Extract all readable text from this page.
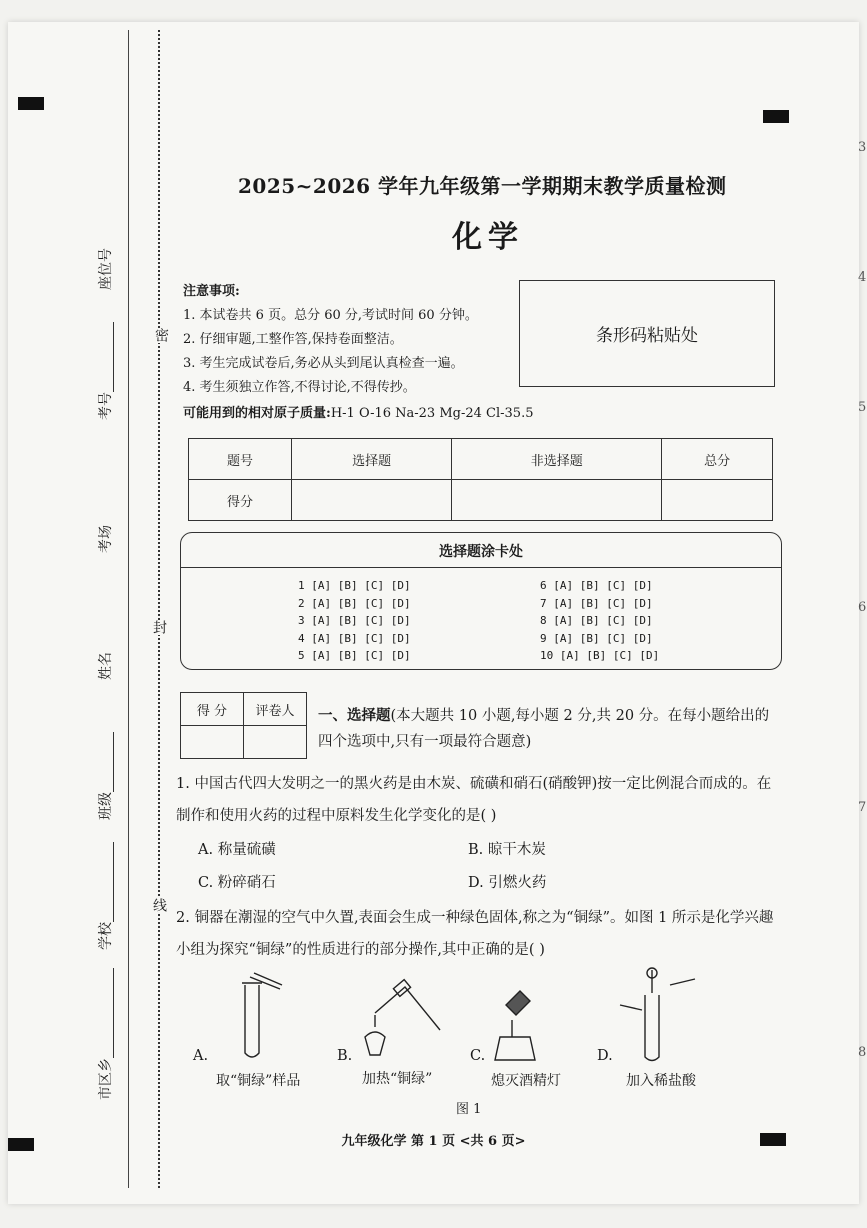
座位号
考号
考场
姓名
班级
学校
市区乡
密
封
线
3
4
5
6
7
8
2025~2026 学年九年级第一学期期末教学质量检测
化学
注意事项:
1. 本试卷共 6 页。总分 60 分,考试时间 60 分钟。
2. 仔细审题,工整作答,保持卷面整洁。
3. 考生完成试卷后,务必从头到尾认真检查一遍。
4. 考生须独立作答,不得讨论,不得传抄。
条形码粘贴处
可能用到的相对原子质量:H-1 O-16 Na-23 Mg-24 Cl-35.5
题号	选择题	非选择题	总分
得分			
选择题涂卡处
1 [A] [B] [C] [D]
2 [A] [B] [C] [D]
3 [A] [B] [C] [D]
4 [A] [B] [C] [D]
5 [A] [B] [C] [D]
6 [A] [B] [C] [D]
7 [A] [B] [C] [D]
8 [A] [B] [C] [D]
9 [A] [B] [C] [D]
10 [A] [B] [C] [D]
得 分	评卷人
	一、选择题(本大题共 10 小题,每小题 2 分,共 20 分。在每小题给出的四个选项中,只有一项最符合题意)
1. 中国古代四大发明之一的黑火药是由木炭、硫磺和硝石(硝酸钾)按一定比例混合而成的。在制作和使用火药的过程中原料发生化学变化的是( )
A. 称量硫磺	B. 晾干木炭
C. 粉碎硝石	D. 引燃火药
2. 铜器在潮湿的空气中久置,表面会生成一种绿色固体,称之为“铜绿”。如图 1 所示是化学兴趣小组为探究“铜绿”的性质进行的部分操作,其中正确的是( )
A.	B.	C.	D.
取“铜绿”样品	加热“铜绿”	熄灭酒精灯	加入稀盐酸
图 1
九年级化学 第 1 页 <共 6 页>
